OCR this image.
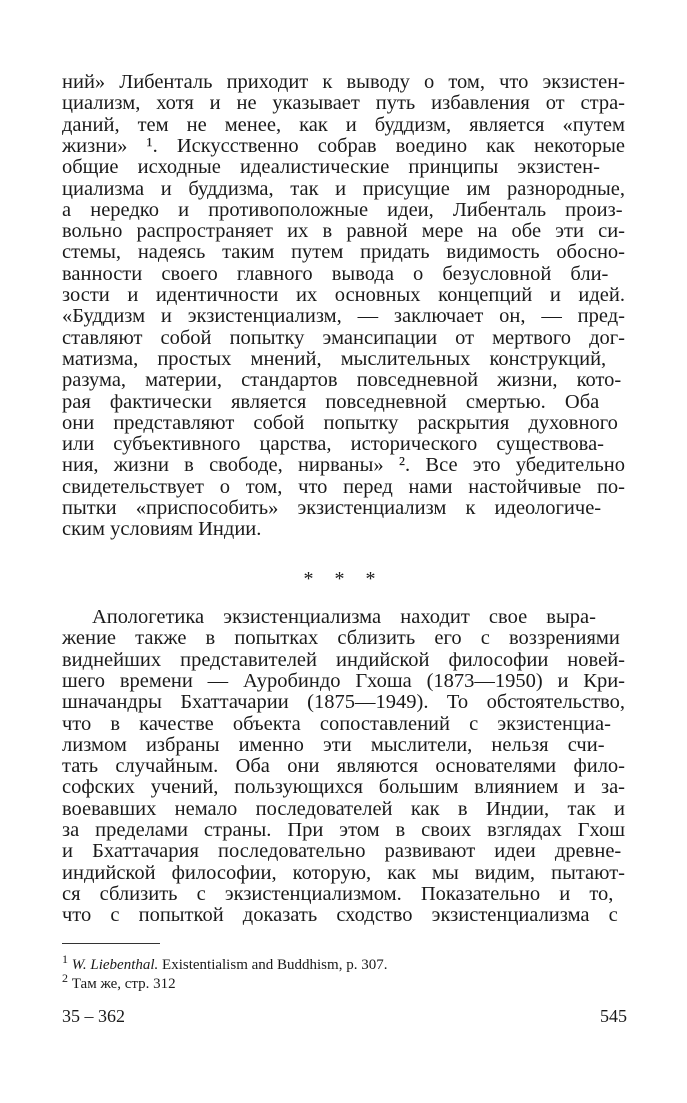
ний» Либенталь приходит к выводу о том, что экзистен-
циализм, хотя и не указывает путь избавления от стра-
даний, тем не менее, как и буддизм, является «путем
жизни» ¹. Искусственно собрав воедино как некоторые
общие исходные идеалистические принципы экзистен-
циализма и буддизма, так и присущие им разнородные,
а нередко и противоположные идеи, Либенталь произ-
вольно распространяет их в равной мере на обе эти си-
стемы, надеясь таким путем придать видимость обосно-
ванности своего главного вывода о безусловной бли-
зости и идентичности их основных концепций и идей.
«Буддизм и экзистенциализм, — заключает он, — пред-
ставляют собой попытку эмансипации от мертвого дог-
матизма, простых мнений, мыслительных конструкций,
разума, материи, стандартов повседневной жизни, кото-
рая фактически является повседневной смертью. Оба
они представляют собой попытку раскрытия духовного
или субъективного царства, исторического существова-
ния, жизни в свободе, нирваны» ². Все это убедительно
свидетельствует о том, что перед нами настойчивые по-
пытки «приспособить» экзистенциализм к идеологиче-
ским условиям Индии.
* * *
Апологетика экзистенциализма находит свое выра-
жение также в попытках сблизить его с воззрениями
виднейших представителей индийской философии новей-
шего времени — Ауробиндо Гхоша (1873—1950) и Кри-
шначандры Бхаттачарии (1875—1949). То обстоятельство,
что в качестве объекта сопоставлений с экзистенциа-
лизмом избраны именно эти мыслители, нельзя счи-
тать случайным. Оба они являются основателями фило-
софских учений, пользующихся большим влиянием и за-
воевавших немало последователей как в Индии, так и
за пределами страны. При этом в своих взглядах Гхош
и Бхаттачария последовательно развивают идеи древне-
индийской философии, которую, как мы видим, пытают-
ся сблизить с экзистенциализмом. Показательно и то,
что с попыткой доказать сходство экзистенциализма с
$^1$ W. Liebenthal. Existentialism and Buddhism, p. 307.
$^2$ Там же, стр. 312
35 – 362	545
